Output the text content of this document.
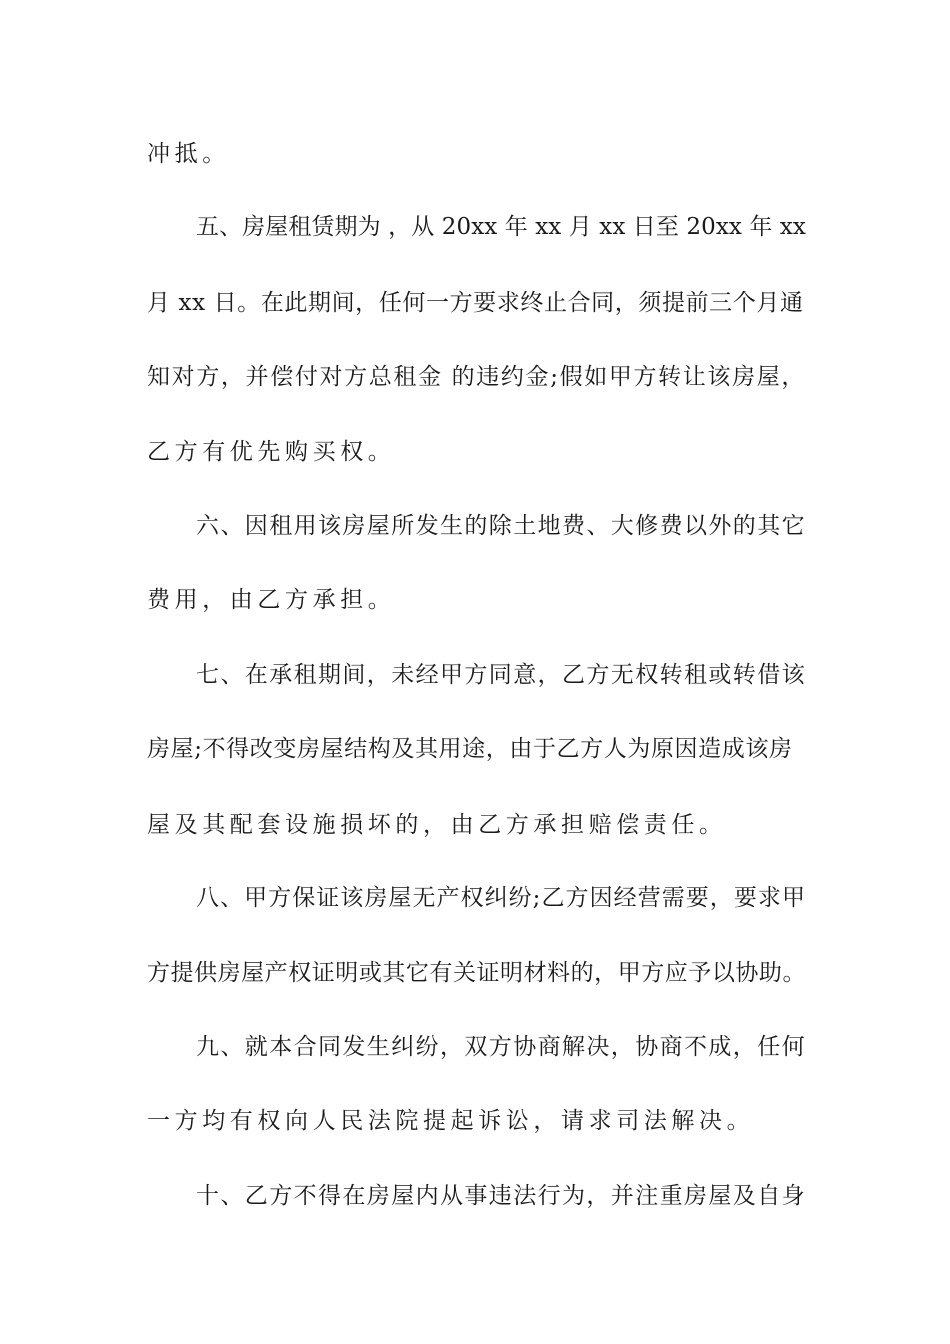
冲抵。
五、房屋租赁期为 ，从 20xx 年 xx 月 xx 日至 20xx 年 xx
月 xx 日。在此期间，任何一方要求终止合同，须提前三个月通
知对方，并偿付对方总租金 的违约金;假如甲方转让该房屋，
乙方有优先购买权。
六、因租用该房屋所发生的除土地费、大修费以外的其它
费用，由乙方承担。
七、在承租期间，未经甲方同意，乙方无权转租或转借该
房屋;不得改变房屋结构及其用途，由于乙方人为原因造成该房
屋及其配套设施损坏的，由乙方承担赔偿责任。
八、甲方保证该房屋无产权纠纷;乙方因经营需要，要求甲
方提供房屋产权证明或其它有关证明材料的，甲方应予以协助。
九、就本合同发生纠纷，双方协商解决，协商不成，任何
一方均有权向人民法院提起诉讼，请求司法解决。
十、乙方不得在房屋内从事违法行为，并注重房屋及自身
